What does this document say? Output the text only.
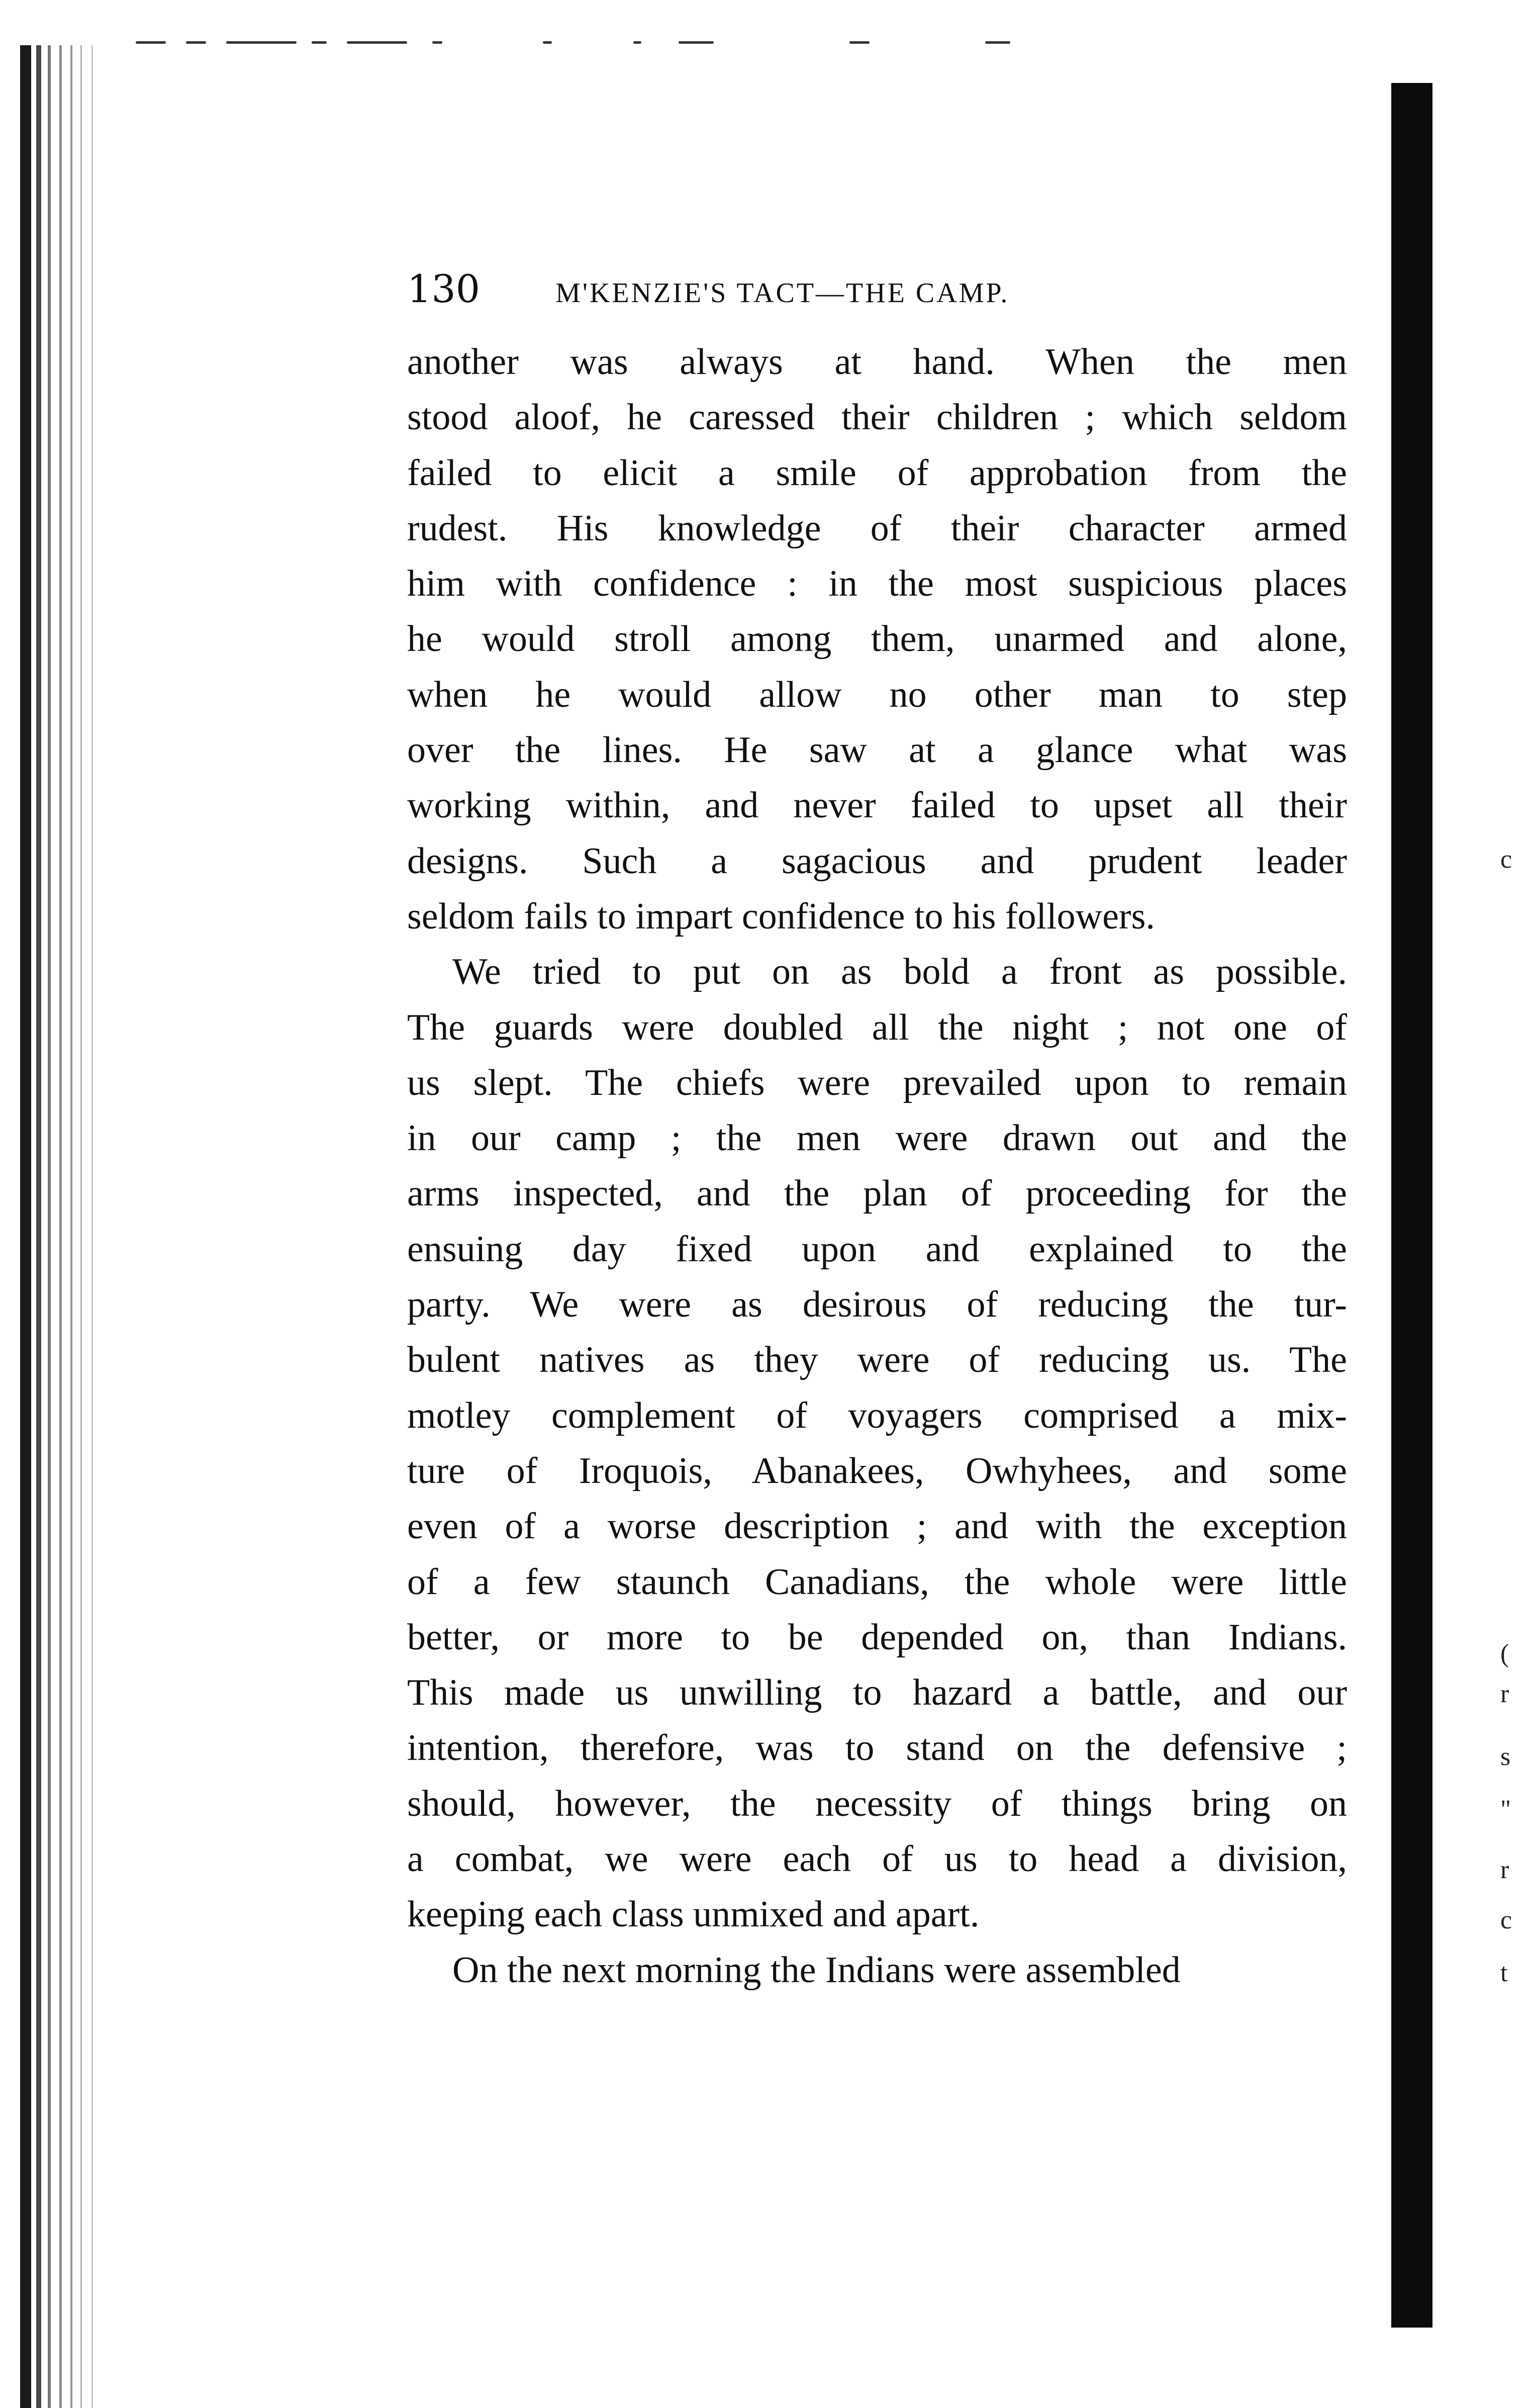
130	M'KENZIE'S TACT—THE CAMP.

another was always at hand. When the men
stood aloof, he caressed their children ; which seldom
failed to elicit a smile of approbation from the
rudest. His knowledge of their character armed
him with confidence : in the most suspicious places
he would stroll among them, unarmed and alone,
when he would allow no other man to step
over the lines. He saw at a glance what was
working within, and never failed to upset all their
designs. Such a sagacious and prudent leader
seldom fails to impart confidence to his followers.

We tried to put on as bold a front as possible.
The guards were doubled all the night ; not one of
us slept. The chiefs were prevailed upon to remain
in our camp ; the men were drawn out and the
arms inspected, and the plan of proceeding for the
ensuing day fixed upon and explained to the
party. We were as desirous of reducing the tur-
bulent natives as they were of reducing us. The
motley complement of voyagers comprised a mix-
ture of Iroquois, Abanakees, Owhyhees, and some
even of a worse description ; and with the exception
of a few staunch Canadians, the whole were little
better, or more to be depended on, than Indians.
This made us unwilling to hazard a battle, and our
intention, therefore, was to stand on the defensive ;
should, however, the necessity of things bring on
a combat, we were each of us to head a division,
keeping each class unmixed and apart.

On the next morning the Indians were assembled

c
(
r
s
"
r
c
t
